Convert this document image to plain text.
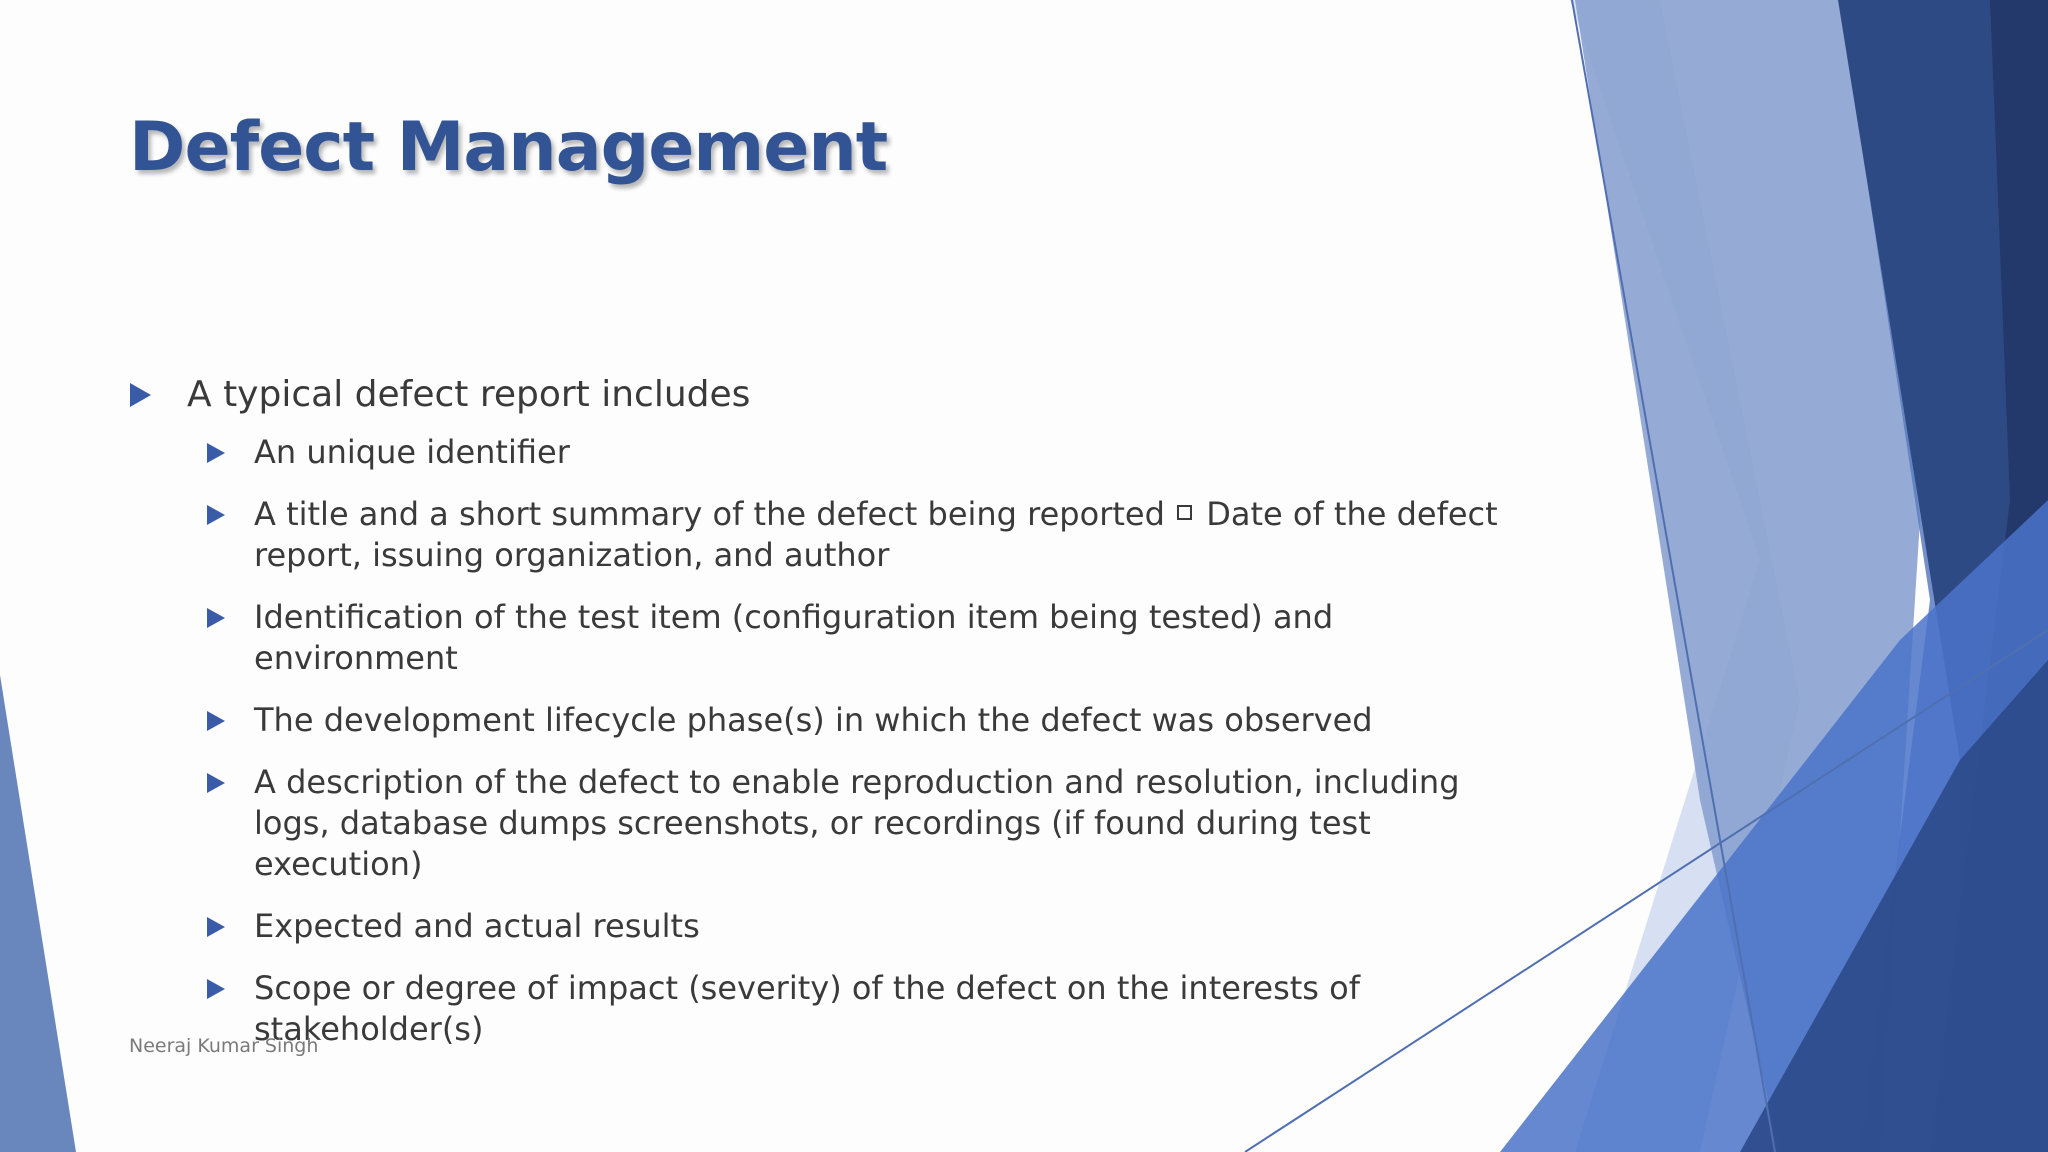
Defect Management
A typical defect report includes
An unique identifier
A title and a short summary of the defect being reported Date of the defect report, issuing organization, and author
Identification of the test item (configuration item being tested) and environment
The development lifecycle phase(s) in which the defect was observed
A description of the defect to enable reproduction and resolution, including logs, database dumps screenshots, or recordings (if found during test execution)
Expected and actual results
Scope or degree of impact (severity) of the defect on the interests of stakeholder(s)
Neeraj Kumar Singh
